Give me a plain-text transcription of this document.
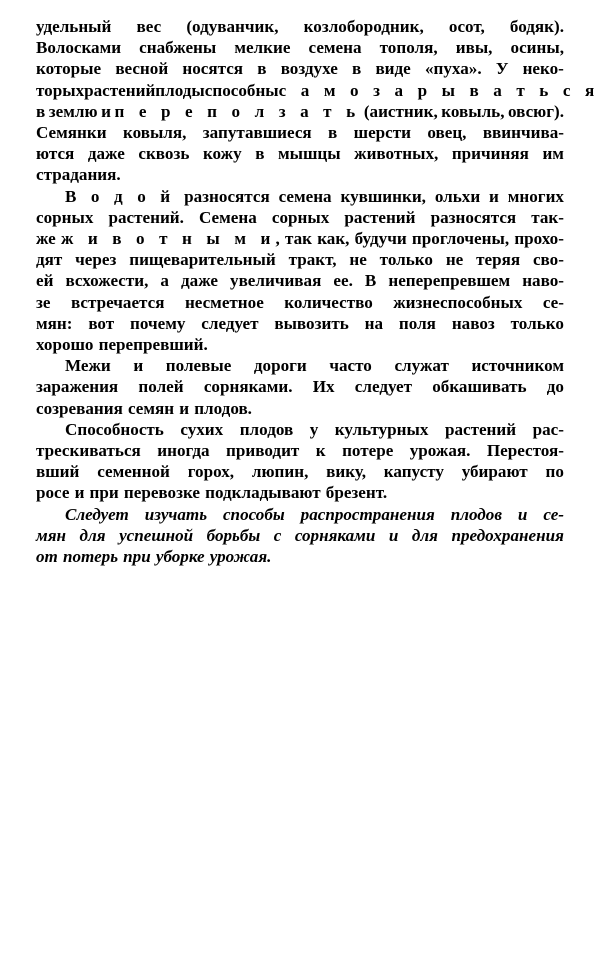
удельный вес (одуванчик, козлобородник, осот, бодяк).
Волосками снабжены мелкие семена тополя, ивы, осины,
которые весной носятся в воздухе в виде «пуха». У неко-
торых растений плоды способны с а м о з а р ы в а т ь с я
в землю и п е р е п о л з а т ь (аистник, ковыль, овсюг).
Семянки ковыля, запутавшиеся в шерсти овец, ввинчива-
ются даже сквозь кожу в мышцы животных, причиняя им
страдания.
В о д о й разносятся семена кувшинки, ольхи и многих
сорных растений. Семена сорных растений разносятся так-
же ж и в о т н ы м и, так как, будучи проглочены, прохо-
дят через пищеварительный тракт, не только не теряя сво-
ей всхожести, а даже увеличивая ее. В неперепревшем наво-
зе встречается несметное количество жизнеспособных се-
мян: вот почему следует вывозить на поля навоз только
хорошо перепревший.
Межи и полевые дороги часто служат источником
заражения полей сорняками. Их следует обкашивать до
созревания семян и плодов.
Способность сухих плодов у культурных растений рас-
трескиваться иногда приводит к потере урожая. Перестоя-
вший семенной горох, люпин, вику, капусту убирают по
росе и при перевозке подкладывают брезент.
Следует изучать способы распространения плодов и се-
мян для успешной борьбы с сорняками и для предохранения
от потерь при уборке урожая.
